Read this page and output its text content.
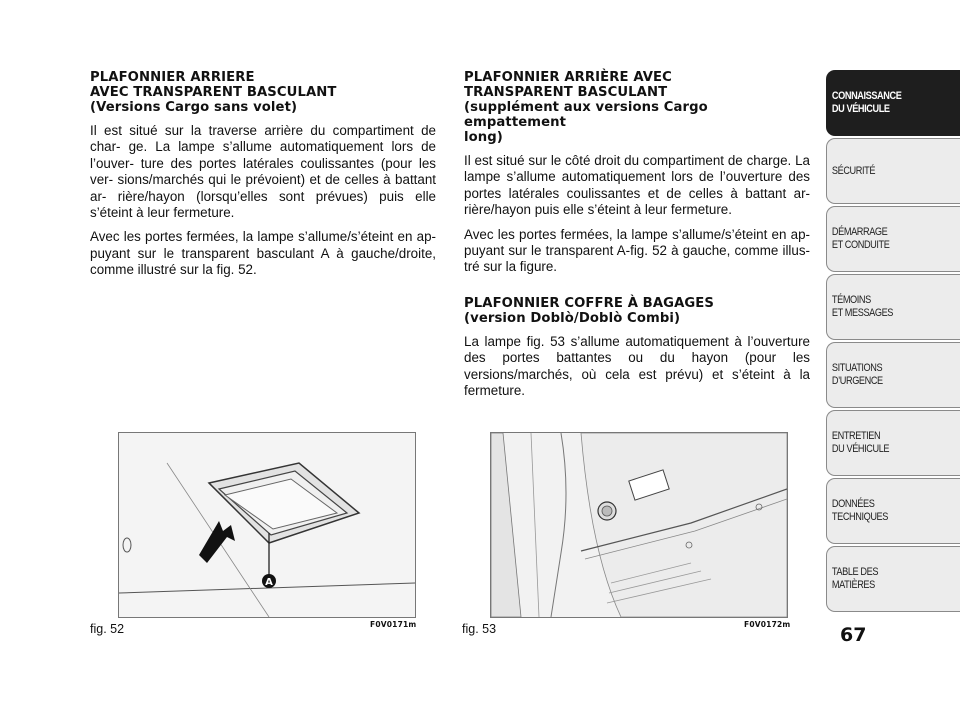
PLAFONNIER ARRIERE
AVEC TRANSPARENT BASCULANT
(Versions Cargo sans volet)

Il est situé sur la traverse arrière du compartiment de char- ge. La lampe s’allume automatiquement lors de l’ouver- ture des portes latérales coulissantes (pour les ver- sions/marchés qui le prévoient) et de celles à battant ar- rière/hayon (lorsqu’elles sont prévues) puis elle s’éteint à leur fermeture.

Avec les portes fermées, la lampe s’allume/s’éteint en ap- puyant sur le transparent basculant A à gauche/droite, comme illustré sur la fig. 52.

PLAFONNIER ARRIÈRE AVEC
TRANSPARENT BASCULANT
(supplément aux versions Cargo empattement
long)

Il est situé sur le côté droit du compartiment de charge. La lampe s’allume automatiquement lors de l’ouverture des portes latérales coulissantes et de celles à battant ar- rière/hayon puis elle s’éteint à leur fermeture.

Avec les portes fermées, la lampe s’allume/s’éteint en ap- puyant sur le transparent A-fig. 52 à gauche, comme illus- tré sur la figure.

PLAFONNIER COFFRE À BAGAGES
(version Doblò/Doblò Combi)

La lampe fig. 53 s’allume automatiquement à l’ouverture des portes battantes ou du hayon (pour les versions/marchés, où cela est prévu) et s’éteint à la fermeture.

A
fig. 52	F0V0171m	fig. 53	F0V0172m	67
CONNAISSANCE
DU VÉHICULE
SÉCURITÉ
DÉMARRAGE
ET CONDUITE
TÉMOINS
ET MESSAGES
SITUATIONS
D’URGENCE
ENTRETIEN
DU VÉHICULE
DONNÉES
TECHNIQUES
TABLE DES
MATIÈRES
